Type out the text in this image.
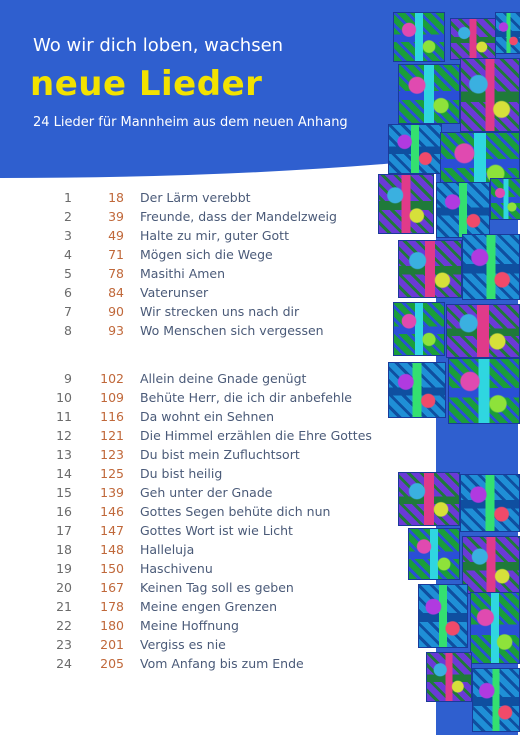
Wo wir dich loben, wachsen
neue Lieder

24 Lieder für Mannheim aus dem neuen Anhang

1	18 Der Lärm verebbt
2	39 Freunde, dass der Mandelzweig
3	49 Halte zu mir, guter Gott
4	71 Mögen sich die Wege
5	78 Masithi Amen
6	84 Vaterunser
7	90 Wir strecken uns nach dir
8	93 Wo Menschen sich vergessen
9 102 Allein deine Gnade genügt
10 109 Behüte Herr, die ich dir anbefehle
11 116 Da wohnt ein Sehnen
12 121 Die Himmel erzählen die Ehre Gottes
13 123 Du bist mein Zufluchtsort
14 125 Du bist heilig
15 139 Geh unter der Gnade
16 146 Gottes Segen behüte dich nun
17 147 Gottes Wort ist wie Licht
18 148 Halleluja
19 150 Haschivenu
20 167 Keinen Tag soll es geben
21 178 Meine engen Grenzen
22 180 Meine Hoffnung
23 201 Vergiss es nie
24 205 Vom Anfang bis zum Ende
